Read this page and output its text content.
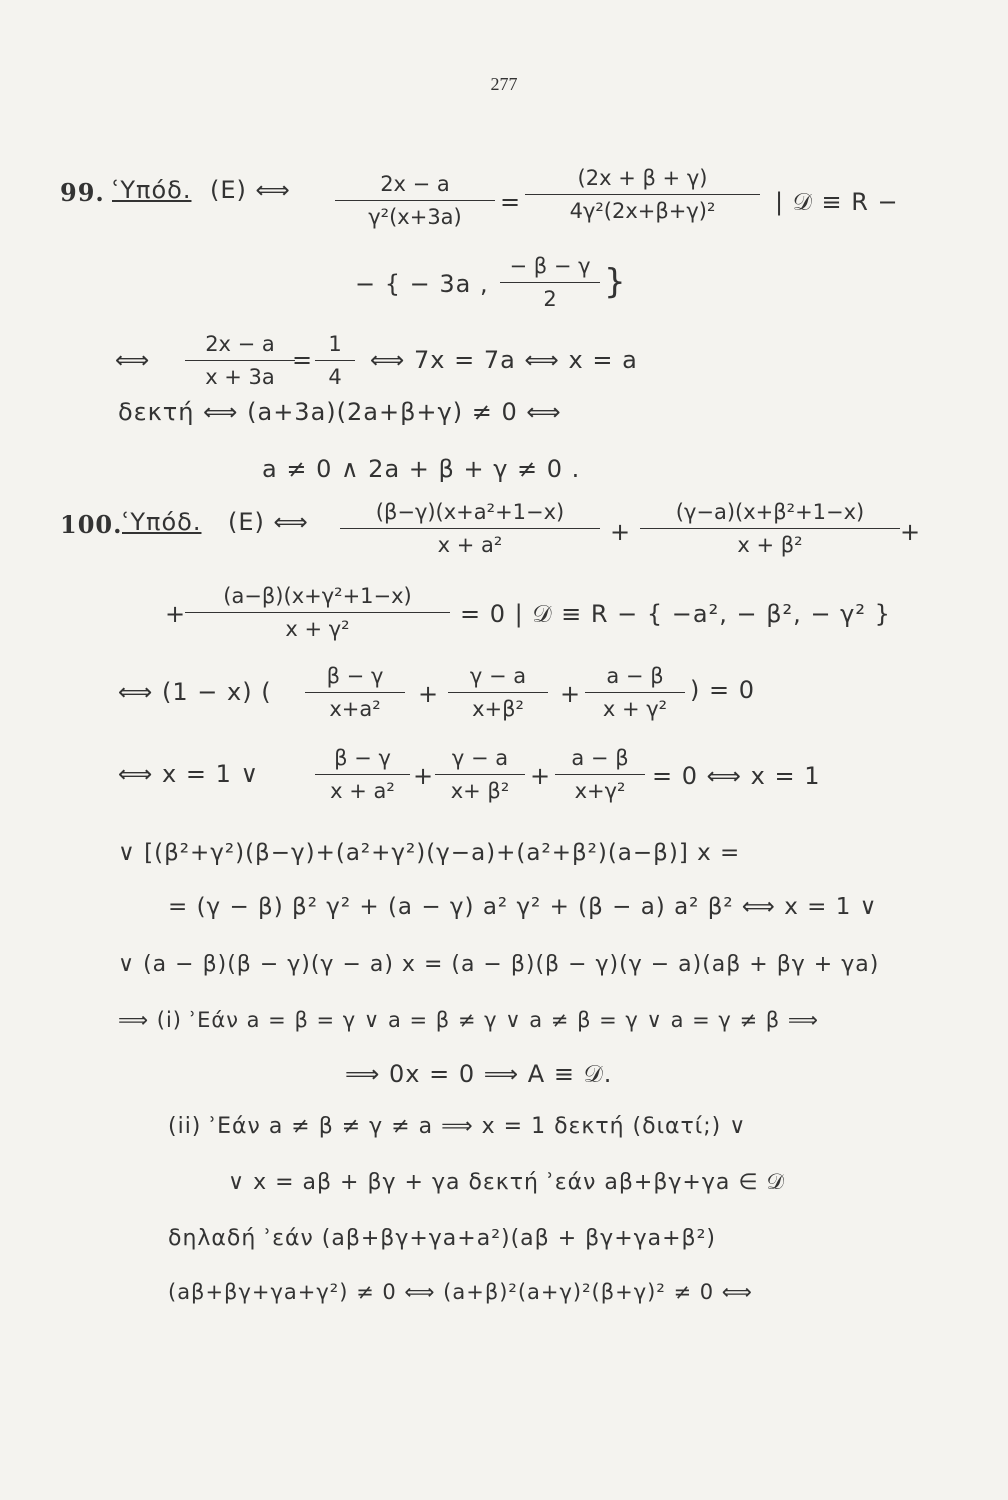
277
99. ʿΥπόδ. (E) ⟺ $\frac{2x - a}{\text{γ²(x+3a)}} = \frac{(2x + \beta + \gamma)}{\text{4γ²(2x+β+γ)²}}$ | 𝒟 ≡ R −
− { − 3a , $\frac{- \beta - \gamma}{2}$ }
⟺ $\frac{2x - a}{x + 3a}$
= $\frac{1}{4}$ ⟺ 7x = 7a ⟺ x = a
δεκτή ⟺ (a+3a)(2a+β+γ) ≠ 0 ⟺
a ≠ 0 ∧ 2a + β + γ ≠ 0 .
100. ʿΥπόδ. (E) ⟺ $\frac{\text{(β−γ)(x+a²+1−x)}}{\text{x + a²}} + \frac{\text{(γ−a)(x+β²+1−x)}}{\text{x + β²}}$ +
+
$\frac{\text{(a−β)(x+γ²+1−x)}}{\text{x + γ²}} = 0$ | 𝒟 ≡ R − { −a², − β², − γ² }
⟺ (1 − x) ( $\frac{\beta - \gamma}{\text{x+a²}} + \frac{\gamma - a}{\text{x+β²}} + \frac{a - \beta}{\text{x + γ²}}$ ) = 0
⟺ x = 1 ∨	$\frac{\beta - \gamma}{\text{x + a²}} + \frac{\gamma - a}{\text{x+ β²}} + \frac{a - \beta}{\text{x+γ²}} = 0$ ⟺ x = 1
∨ [(β²+γ²)(β−γ)+(a²+γ²)(γ−a)+(a²+β²)(a−β)] x =
= (γ − β) β² γ² + (a − γ) a² γ² + (β − a) a² β² ⟺ x = 1 ∨
∨ (a − β)(β − γ)(γ − a) x = (a − β)(β − γ)(γ − a)(aβ + βγ + γa)
⟹ (i) ʾΕάν a = β = γ ∨ a = β ≠ γ ∨ a ≠ β = γ ∨ a = γ ≠ β ⟹
⟹ 0x = 0 ⟹ A ≡ 𝒟.
(ii) ʾΕάν a ≠ β ≠ γ ≠ a ⟹ x = 1 δεκτή (διατί;) ∨
∨ x = aβ + βγ + γa δεκτή ʾεάν aβ+βγ+γa ∈ 𝒟
δηλαδή ʾεάν (aβ+βγ+γa+a²)(aβ + βγ+γa+β²)
(aβ+βγ+γa+γ²) ≠ 0 ⟺ (a+β)²(a+γ)²(β+γ)² ≠ 0 ⟺
